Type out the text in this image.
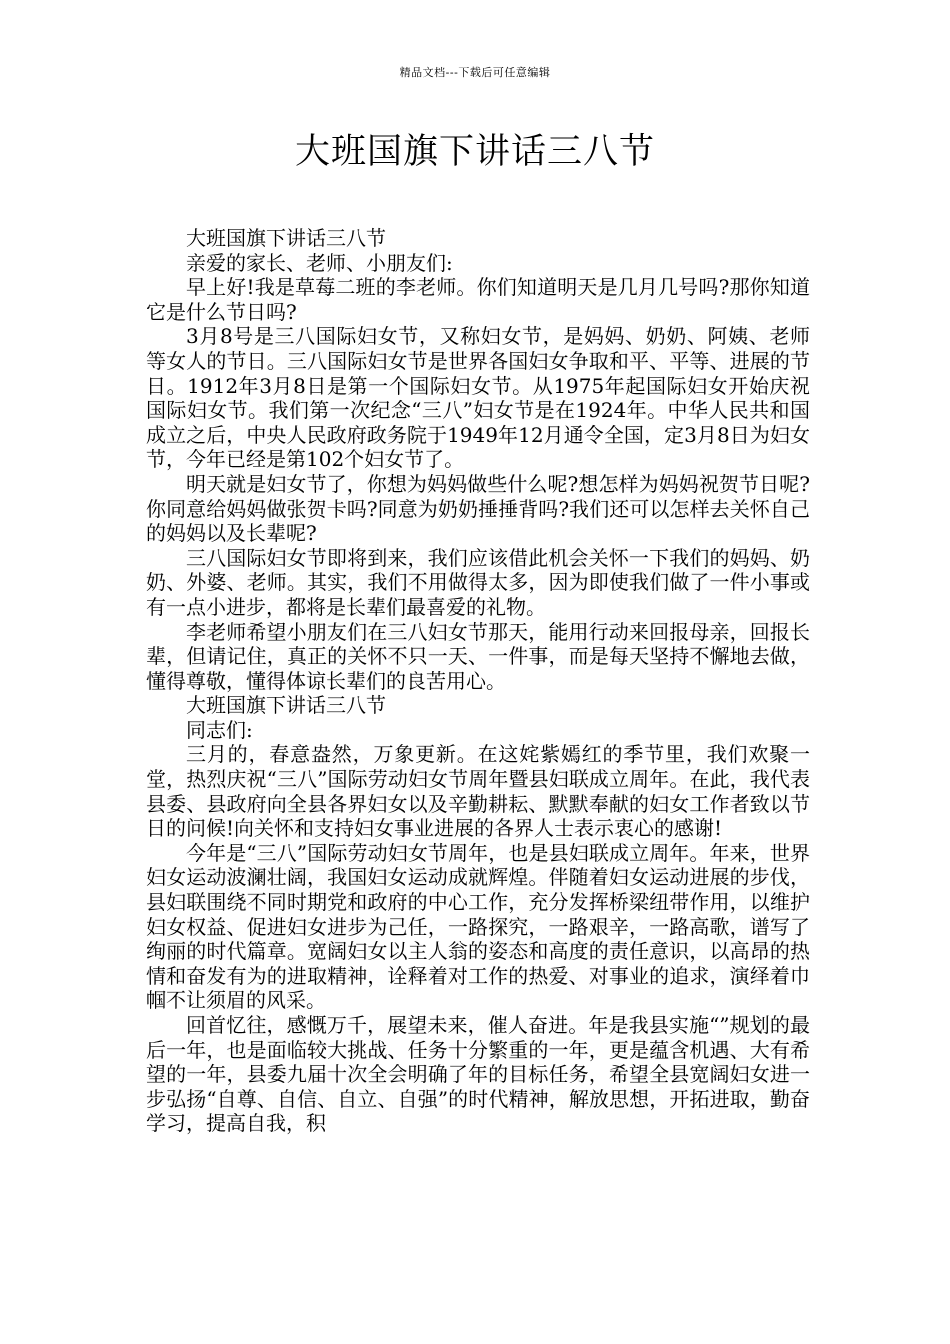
精品文档---下载后可任意编辑
大班国旗下讲话三八节

大班国旗下讲话三八节

亲爱的家长、老师、小朋友们:

早上好!我是草莓二班的李老师。你们知道明天是几月几号吗?那你知道它是什么节日吗?

3月8号是三八国际妇女节，又称妇女节，是妈妈、奶奶、阿姨、老师等女人的节日。三八国际妇女节是世界各国妇女争取和平、平等、进展的节日。1912年3月8日是第一个国际妇女节。从1975年起国际妇女开始庆祝国际妇女节。我们第一次纪念“三八”妇女节是在1924年。中华人民共和国成立之后，中央人民政府政务院于1949年12月通令全国，定3月8日为妇女节，今年已经是第102个妇女节了。

明天就是妇女节了，你想为妈妈做些什么呢?想怎样为妈妈祝贺节日呢?你同意给妈妈做张贺卡吗?同意为奶奶捶捶背吗?我们还可以怎样去关怀自己的妈妈以及长辈呢?

三八国际妇女节即将到来，我们应该借此机会关怀一下我们的妈妈、奶奶、外婆、老师。其实，我们不用做得太多，因为即使我们做了一件小事或有一点小进步，都将是长辈们最喜爱的礼物。

李老师希望小朋友们在三八妇女节那天，能用行动来回报母亲，回报长辈，但请记住，真正的关怀不只一天、一件事，而是每天坚持不懈地去做，懂得尊敬，懂得体谅长辈们的良苦用心。

大班国旗下讲话三八节

同志们:

三月的，春意盎然，万象更新。在这姹紫嫣红的季节里，我们欢聚一堂，热烈庆祝“三八”国际劳动妇女节周年暨县妇联成立周年。在此，我代表县委、县政府向全县各界妇女以及辛勤耕耘、默默奉献的妇女工作者致以节日的问候!向关怀和支持妇女事业进展的各界人士表示衷心的感谢!

今年是“三八”国际劳动妇女节周年，也是县妇联成立周年。年来，世界妇女运动波澜壮阔，我国妇女运动成就辉煌。伴随着妇女运动进展的步伐，县妇联围绕不同时期党和政府的中心工作，充分发挥桥梁纽带作用，以维护妇女权益、促进妇女进步为己任，一路探究，一路艰辛，一路高歌，谱写了绚丽的时代篇章。宽阔妇女以主人翁的姿态和高度的责任意识，以高昂的热情和奋发有为的进取精神，诠释着对工作的热爱、对事业的追求，演绎着巾帼不让须眉的风采。

回首忆往，感慨万千，展望未来，催人奋进。年是我县实施“”规划的最后一年，也是面临较大挑战、任务十分繁重的一年，更是蕴含机遇、大有希望的一年，县委九届十次全会明确了年的目标任务，希望全县宽阔妇女进一步弘扬“自尊、自信、自立、自强”的时代精神，解放思想，开拓进取，勤奋学习，提高自我，积
